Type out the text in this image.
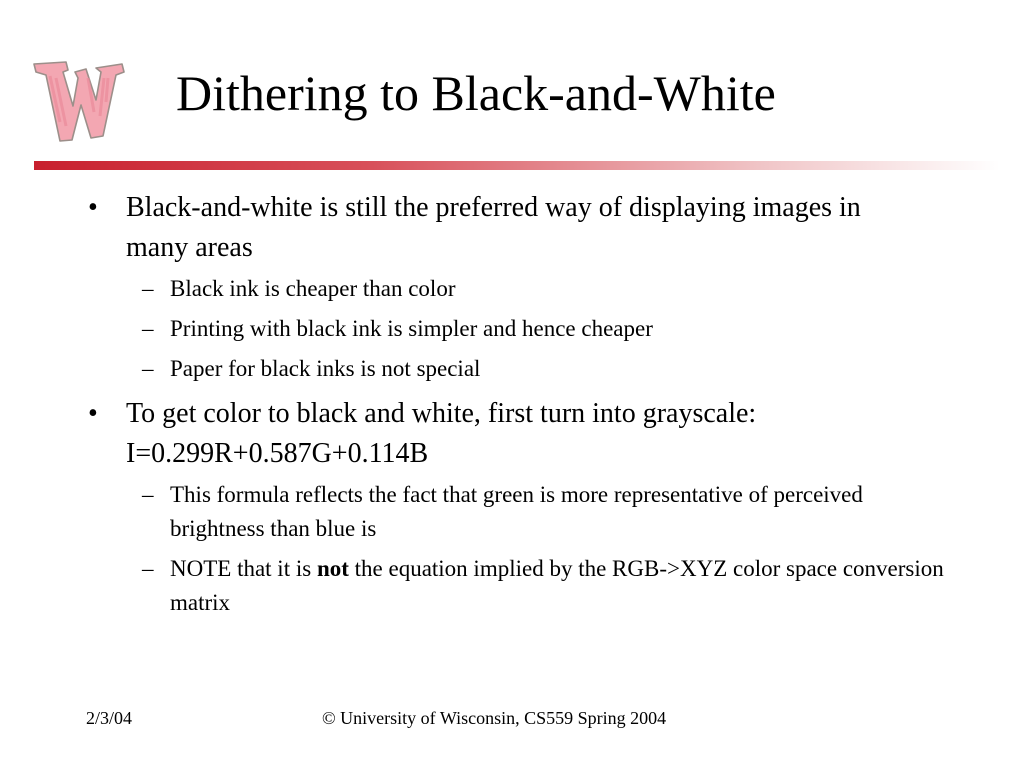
Dithering to Black-and-White
• Black-and-white is still the preferred way of displaying images in many areas
– Black ink is cheaper than color
– Printing with black ink is simpler and hence cheaper
– Paper for black inks is not special
• To get color to black and white, first turn into grayscale: I=0.299R+0.587G+0.114B
– This formula reflects the fact that green is more representative of perceived brightness than blue is
– NOTE that it is not the equation implied by the RGB->XYZ color space conversion matrix
2/3/04	© University of Wisconsin, CS559 Spring 2004
